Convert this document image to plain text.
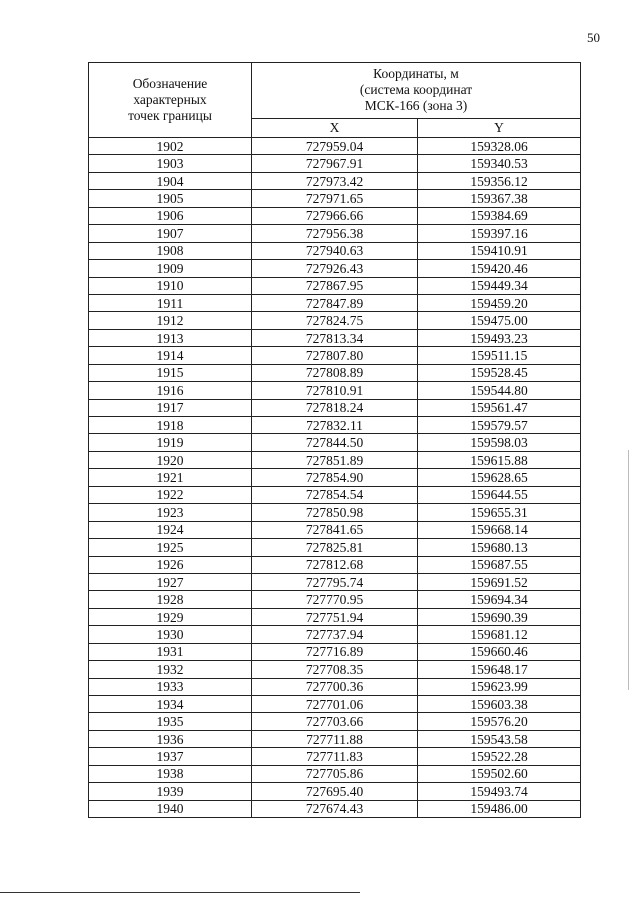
50
Обозначение
характерных
точек границы	Координаты, м
(система координат
МСК-166 (зона 3)	
	X	Y
1902	727959.04	159328.06
1903	727967.91	159340.53
1904	727973.42	159356.12
1905	727971.65	159367.38
1906	727966.66	159384.69
1907	727956.38	159397.16
1908	727940.63	159410.91
1909	727926.43	159420.46
1910	727867.95	159449.34
1911	727847.89	159459.20
1912	727824.75	159475.00
1913	727813.34	159493.23
1914	727807.80	159511.15
1915	727808.89	159528.45
1916	727810.91	159544.80
1917	727818.24	159561.47
1918	727832.11	159579.57
1919	727844.50	159598.03
1920	727851.89	159615.88
1921	727854.90	159628.65
1922	727854.54	159644.55
1923	727850.98	159655.31
1924	727841.65	159668.14
1925	727825.81	159680.13
1926	727812.68	159687.55
1927	727795.74	159691.52
1928	727770.95	159694.34
1929	727751.94	159690.39
1930	727737.94	159681.12
1931	727716.89	159660.46
1932	727708.35	159648.17
1933	727700.36	159623.99
1934	727701.06	159603.38
1935	727703.66	159576.20
1936	727711.88	159543.58
1937	727711.83	159522.28
1938	727705.86	159502.60
1939	727695.40	159493.74
1940	727674.43	159486.00
